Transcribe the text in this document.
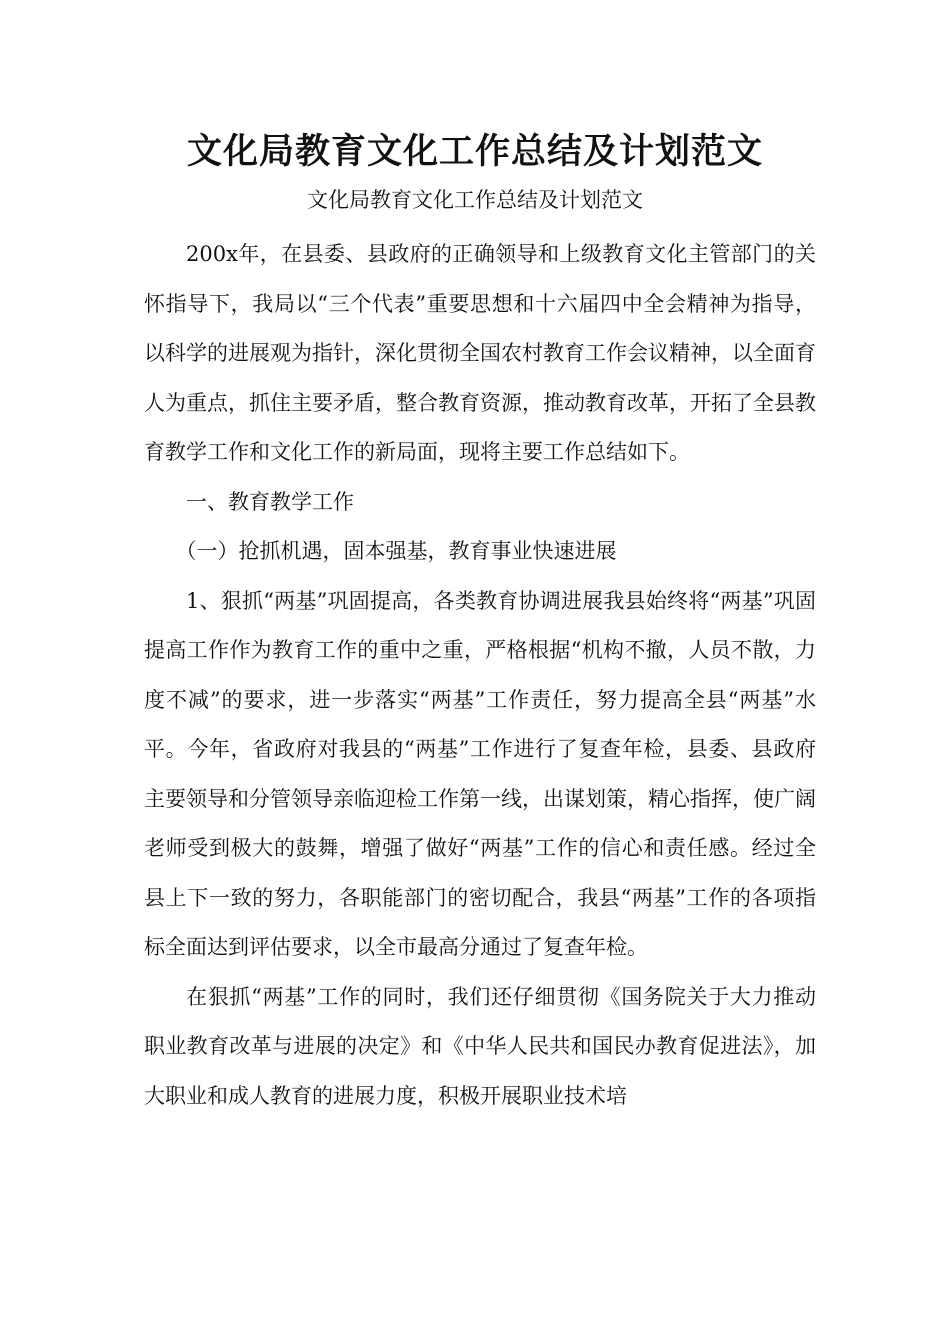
文化局教育文化工作总结及计划范文
文化局教育文化工作总结及计划范文

200x年，在县委、县政府的正确领导和上级教育文化主管部门的关怀指导下，我局以“三个代表”重要思想和十六届四中全会精神为指导，以科学的进展观为指针，深化贯彻全国农村教育工作会议精神，以全面育人为重点，抓住主要矛盾，整合教育资源，推动教育改革，开拓了全县教育教学工作和文化工作的新局面，现将主要工作总结如下。

一、教育教学工作

（一）抢抓机遇，固本强基，教育事业快速进展

1、狠抓“两基”巩固提高，各类教育协调进展我县始终将“两基”巩固提高工作作为教育工作的重中之重，严格根据“机构不撤，人员不散，力度不减”的要求，进一步落实“两基”工作责任，努力提高全县“两基”水平。今年，省政府对我县的“两基”工作进行了复查年检，县委、县政府主要领导和分管领导亲临迎检工作第一线，出谋划策，精心指挥，使广阔老师受到极大的鼓舞，增强了做好“两基”工作的信心和责任感。经过全县上下一致的努力，各职能部门的密切配合，我县“两基”工作的各项指标全面达到评估要求，以全市最高分通过了复查年检。

在狠抓“两基”工作的同时，我们还仔细贯彻《国务院关于大力推动职业教育改革与进展的决定》和《中华人民共和国民办教育促进法》，加大职业和成人教育的进展力度，积极开展职业技术培
